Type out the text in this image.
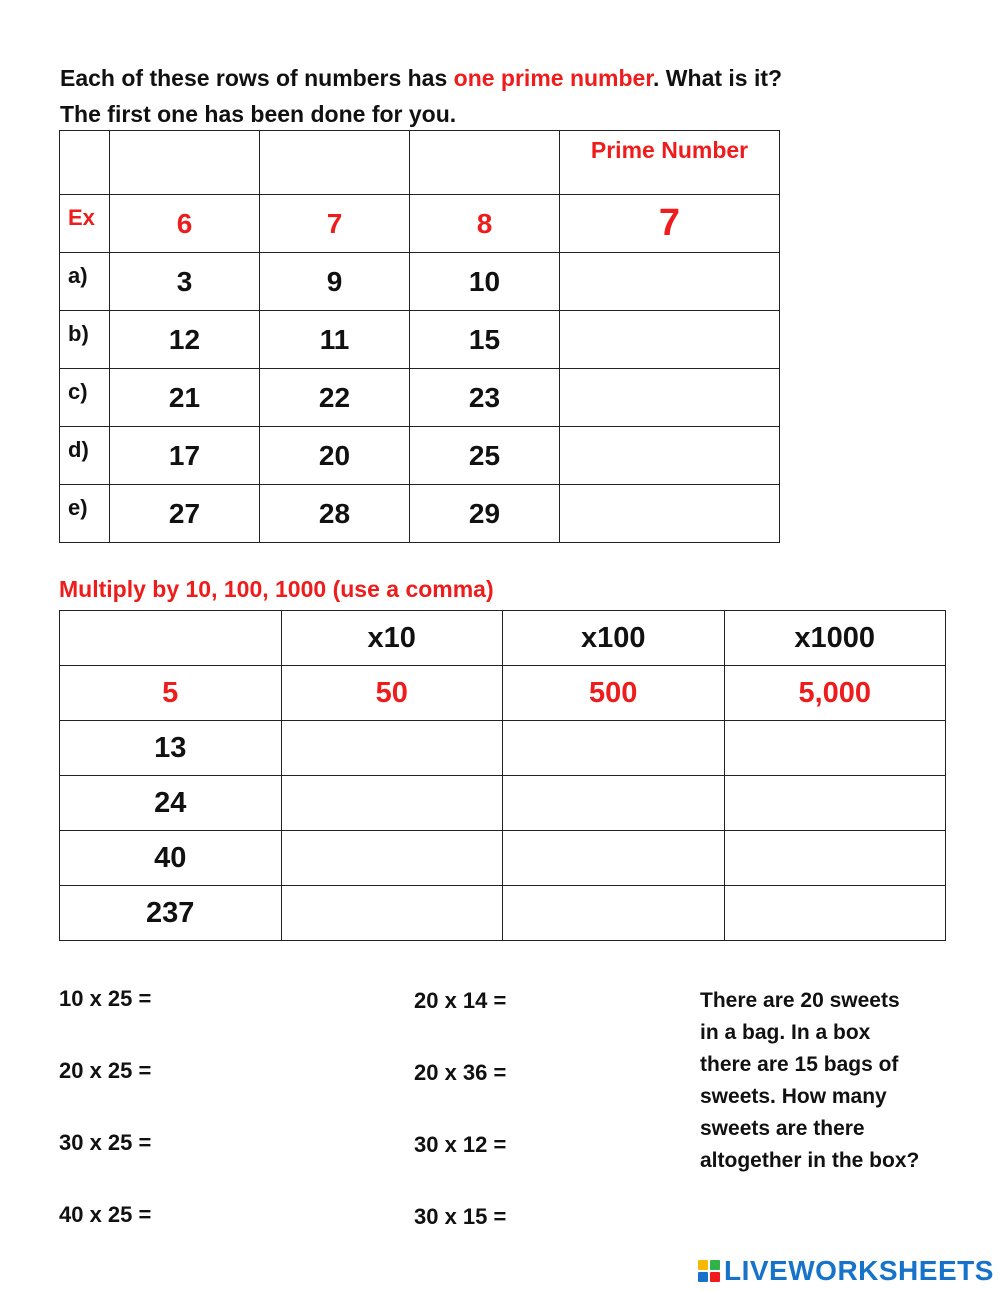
Each of these rows of numbers has one prime number. What is it?
The first one has been done for you.
				Prime Number
Ex	6	7	8	7
a)	3	9	10	
b)	12	11	15	
c)	21	22	23	
d)	17	20	25	
e)	27	28	29	
Multiply by 10, 100, 1000 (use a comma)
	x10	x100	x1000
5	50	500	5,000
13			
24			
40			
237			
10 x 25 =
20 x 25 =
30 x 25 =
40 x 25 =
20 x 14 =
20 x 36 =
30 x 12 =
30 x 15 =
There are 20 sweets
in a bag. In a box
there are 15 bags of
sweets. How many
sweets are there
altogether in the box?
LIVEWORKSHEETS
